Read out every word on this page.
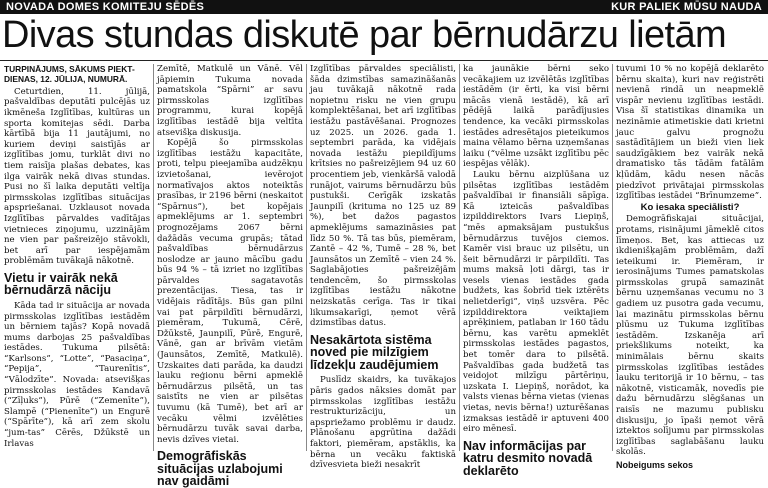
NOVADA DOMES KOMITEJU SĒDĒS	KUR PALIEK MŪSU NAUDA
Divas stundas diskutē par bērnudārzu lietām
TURPINĀJUMS, SĀKUMS PIEKT-DIENAS, 12. JŪLIJA, NUMURĀ.

Ceturtdien, 11. jūlijā, pašvaldības deputāti pulcējās uz ikmēneša Izglītības, kultūras un sporta komitejas sēdi. Darba kārtībā bija 11 jautājumi, no kuriem deviņi saistījās ar izglītības jomu, turklāt divi no tiem raisīja plašas debates, kas ilga vairāk nekā divas stundas. Pusi no šī laika deputāti veltīja pirmsskolas izglītības situācijas apspriešanai. Uzklausot novada Izglītības pārvaldes vadītājas vietnieces ziņojumu, uzzinājām ne vien par pašreizējo stāvokli, bet arī par iespējamām problēmām tuvākajā nākotnē.

Vietu ir vairāk nekā bērnudārzā nāciju

Kāda tad ir situācija ar novada pirmsskolas izglītības iestādēm un bērniem tajās? Kopā novadā mums darbojas 25 pašvaldības iestādes. Tukuma pilsētā: “Karlsons”, “Lotte”, “Pasaciņa”, “Pepija”, “Taurenītis”, “Vālodzīte”. Novada: atsevišķas pirmsskolas iestādes Kandavā (“Zīļuks”), Pūrē (“Zemenīte”), Slampē (“Pienenīte”) un Engurē (“Spārīte”), kā arī zem skolu “jum-tas” Cērēs, Džūkstē un Irlavas

Zemītē, Matkulē un Vānē. Vēl jāpiemin Tukuma novada pamatskola “Spārni” ar savu pirmsskolas izglītības programmu, kurai kopējā izglītības iestādē bija veltīta atsevišķa diskusija.

Kopējā šo pirmsskolas izglītības iestāžu kapacitāte, proti, telpu pieejamība audzēkņu izvietošanai, ievērojot normatīvajos aktos noteiktās prasības, ir 2196 bērni (neskaitot “Spārnus”), bet kopējais apmeklējums ar 1. septembri prognozējams 2067 bērni dažādās vecuma grupās; tātad pašvaldības bērnudārzus noslodze ar jauno mācību gadu būs 94 % – tā izriet no izglītības pārvaldes sagatavotās prezentācijas. Tiesa, tas ir vidējais rādītājs. Būs gan pilni vai pat pārpildīti bērnudārzi, piemēram, Tukumā, Cērē, Džūkstē, Jaunpilī, Pūrē, Engurē, Vānē, gan ar brīvām vietām (Jaunsātos, Zemītē, Matkulē). Uzskaites dati parāda, ka daudzi lauku reģionu bērni apmeklē bērnudārzus pilsētā, un tas saistīts ne vien ar pilsētas tuvumu (kā Tumē), bet arī ar vecāku vēlmi izvēlēties bērnudārzu tuvāk savai darba, nevis dzīves vietai.

Demogrāfiskās situācijas uzlabojumi nav gaidāmi

Izglītības pārvaldes speciālisti, šāda dzimstības samazināšanās jau tuvākajā nākotnē rada nopietnu risku ne vien grupu komplektēšanai, bet arī izglītības iestāžu pastāvēšanai. Prognozes uz 2025. un 2026. gada 1. septembri parāda, ka vidējais novada iestāžu piepildījums krītsies no pašreizējiem 94 uz 60 procentiem jeb, vienkāršā valodā runājot, vairums bērnudārzu būs pustukši. Cerīgāk izskatās Jaunpilī (krituma no 125 uz 89 %), bet dažos pagastos apmeklējums samazināsies pat līdz 50 %. Tā tas būs, piemēram, Zantē – 42 %, Tumē – 28 %, bet Jaunsātos un Zemītē – vien 24 %. Saglabājoties pašreizējām tendencēm, šo pirmsskolas izglītības iestāžu nākotne neizskatās cerīga. Tas ir tikai likumsakarīgi, ņemot vērā dzimstības datus.

Nesakārtota sistēma noved pie milzīgiem līdzekļu zaudējumiem

Puslīdz skaidrs, ka tuvākajos pāris gados nāksies domāt par pirmsskolas izglītības iestāžu restrukturizāciju, un apspriežamo problēmu ir daudz. Plānošanu apgrūtina dažādi faktori, piemēram, apstāklis, ka bērna un vecāku faktiskā dzīvesvieta bieži nesakrīt

ka jaunākie bērni seko vecākajiem uz izvēlētās izglītības iestādēm (ir ērti, ka visi bērni mācās vienā iestādē), kā arī pēdējā laikā parādījusies tendence, ka vecāki pirmsskolas iestādes adresētajos pieteikumos maina vēlamo bērna uzņemšanas laiku (“vēlme uzsākt izglītību pēc iespējas vēlāk).

Lauku bērnu aizplūšana uz pilsētas izglītības iestādēm pašvaldībai ir finansiāli sāpīga. Kā izteicās pašvaldības izpilddirektors Ivars Liepiņš, “mēs apmaksājam pustukšus bērnudārzus tuvējos ciemos. Kamēr visi brauc uz pilsētu, un šeit bērnudārzi ir pārpildīti. Tas mums maksā ļoti dārgi, tas ir vesels vienas iestādes gada budžets, kas šobrīd tiek iztērēts nelietderīgi”, viņš uzsvēra. Pēc izpilddirektora veiktajiem aprēķiniem, patlaban ir 160 tādu bērnu, kas varētu apmeklēt pirmsskolas iestādes pagastos, bet tomēr dara to pilsētā. Pašvaldības gada budžetā tas veidojot milzīgu pārtēriņu, uzskata I. Liepiņš, norādot, ka valsts vienas bērna vietas (vienas vietas, nevis bērna!) uzturēšanas izmaksas iestādē ir aptuveni 400 eiro mēnesī.

Nav informācijas par katru desmito novadā deklarēto

tuvumi 10 % no kopējā deklarēto bērnu skaita), kuri nav reģistrēti nevienā rindā un neapmeklē vispār nevienu izglītības iestādi. Visa šī statistikas dinamika un nezināmie atimetiskie dati krietni jauc galvu prognožu sastādītājiem un bieži vien liek saudzīgākiem bez vairāk nekā dramatisko tās tādām fatālām kļūdām, kādu nesen nācās piedzīvot privātajai pirmsskolas izglītības iestādei “Brīnumzeme”.

Ko iesaka speciālisti?

Demogrāfiskajai situācijai, protams, risinājumi jāmeklē citos līmeņos. Bet, kas attiecas uz ikdienišķajām problēmām, dažī ieteikumi ir. Piemēram, ir ierosinājums Tumes pamatskolas pirmsskolas grupā samazināt bērnu uzņemšanas vecumu no 3 gadiem uz pusotra gada vecumu, lai mazinātu pirmsskolas bērnu plūsmu uz Tukuma izglītības iestādēm. Izskanēja arī priekšlikums noteikt, ka minimālais bērnu skaits pirmsskolas izglītības iestādes lauku teritorijā ir 10 bērnu, – tas nākotnē, visticamāk, novedīs pie dažu bērnudārzu slēgšanas un raisīs ne mazumu publisku diskusiju, jo īpaši ņemot vērā iztektos solījumu par pirmsskolas izglītības saglabāšanu lauku skolās.

Nobeigums sekos
